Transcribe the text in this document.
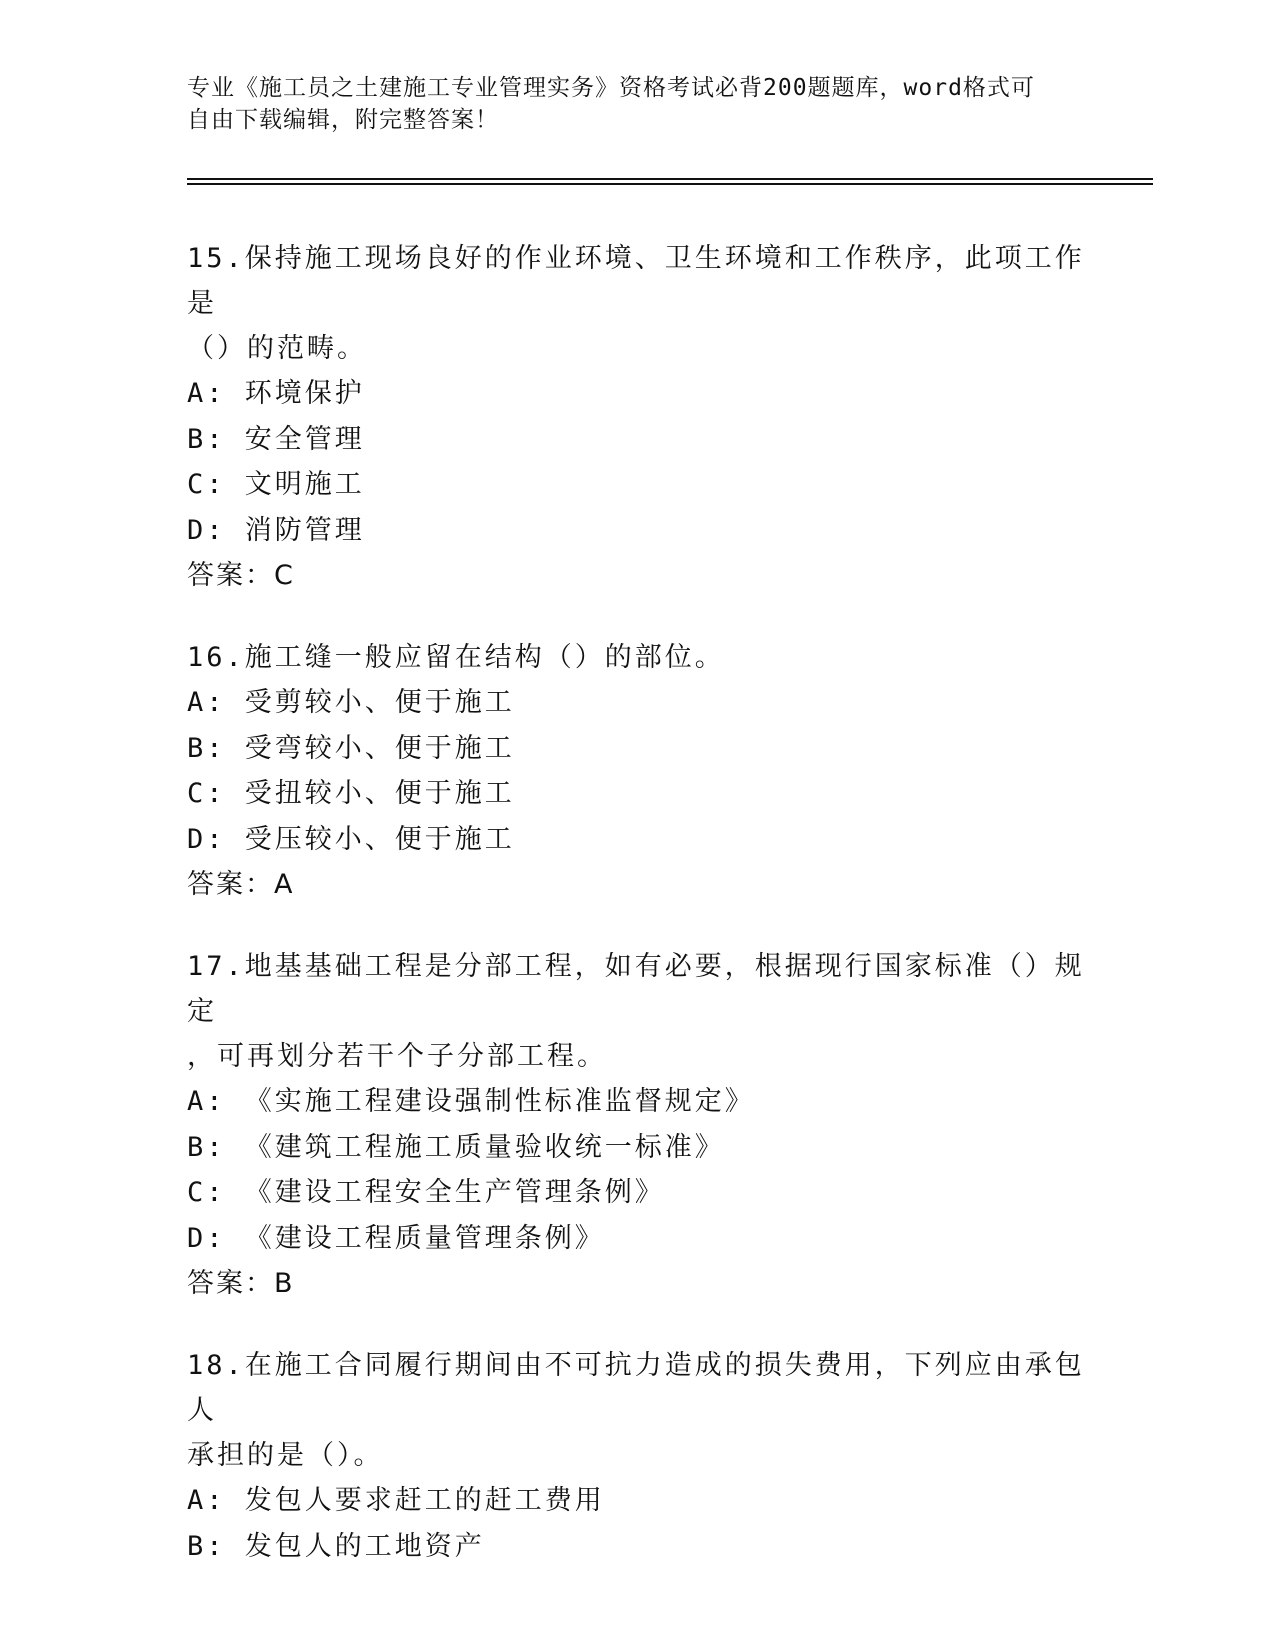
专业《施工员之土建施工专业管理实务》资格考试必背200题题库，word格式可
自由下载编辑，附完整答案！
15.保持施工现场良好的作业环境、卫生环境和工作秩序，此项工作是
（）的范畴。
A: 环境保护
B: 安全管理
C: 文明施工
D: 消防管理
答案：C
16.施工缝一般应留在结构（）的部位。
A: 受剪较小、便于施工
B: 受弯较小、便于施工
C: 受扭较小、便于施工
D: 受压较小、便于施工
答案：A
17.地基基础工程是分部工程，如有必要，根据现行国家标准（）规定
，可再划分若干个子分部工程。
A: 《实施工程建设强制性标准监督规定》
B: 《建筑工程施工质量验收统一标准》
C: 《建设工程安全生产管理条例》
D: 《建设工程质量管理条例》
答案：B
18.在施工合同履行期间由不可抗力造成的损失费用，下列应由承包人
承担的是（）。
A: 发包人要求赶工的赶工费用
B: 发包人的工地资产
